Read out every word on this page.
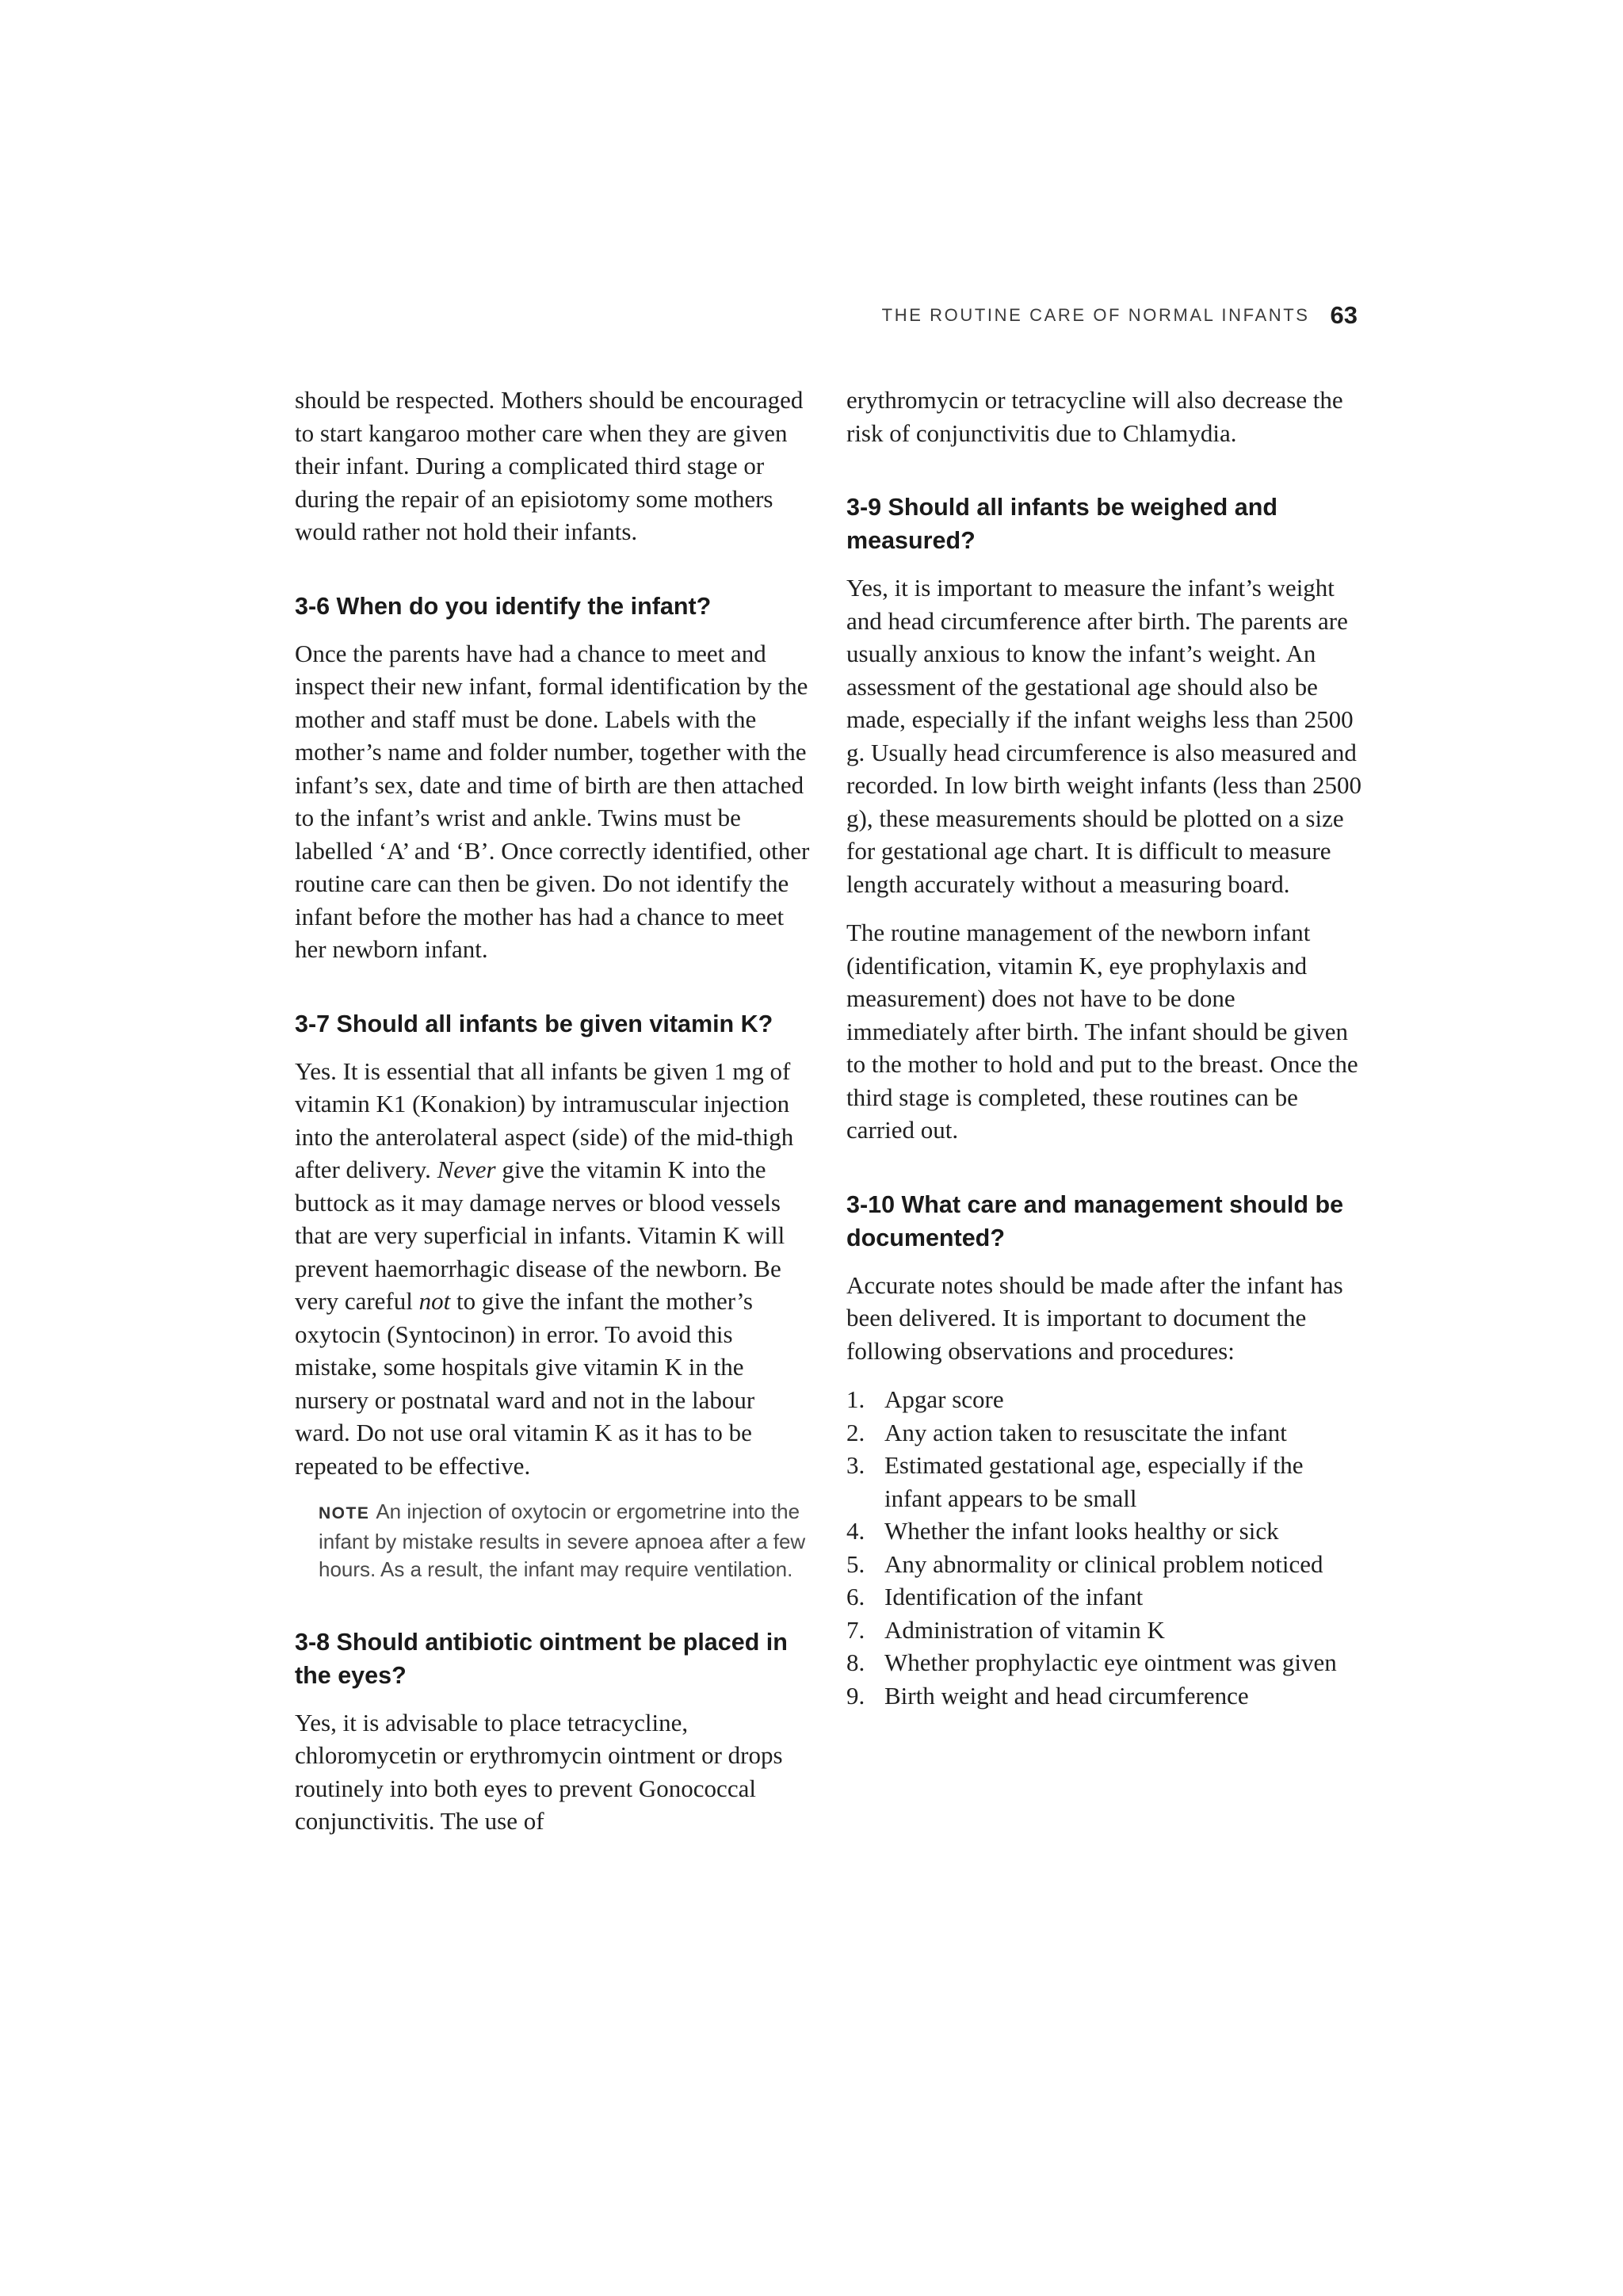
THE ROUTINE CARE OF NORMAL INFANTS 63

should be respected. Mothers should be encouraged to start kangaroo mother care when they are given their infant. During a complicated third stage or during the repair of an episiotomy some mothers would rather not hold their infants.

3-6 When do you identify the infant?

Once the parents have had a chance to meet and inspect their new infant, formal identification by the mother and staff must be done. Labels with the mother’s name and folder number, together with the infant’s sex, date and time of birth are then attached to the infant’s wrist and ankle. Twins must be labelled ‘A’ and ‘B’. Once correctly identified, other routine care can then be given. Do not identify the infant before the mother has had a chance to meet her newborn infant.

3-7 Should all infants be given vitamin K?

Yes. It is essential that all infants be given 1 mg of vitamin K1 (Konakion) by intramuscular injection into the anterolateral aspect (side) of the mid-thigh after delivery. Never give the vitamin K into the buttock as it may damage nerves or blood vessels that are very superficial in infants. Vitamin K will prevent haemorrhagic disease of the newborn. Be very careful not to give the infant the mother’s oxytocin (Syntocinon) in error. To avoid this mistake, some hospitals give vitamin K in the nursery or postnatal ward and not in the labour ward. Do not use oral vitamin K as it has to be repeated to be effective.

NOTE An injection of oxytocin or ergometrine into the infant by mistake results in severe apnoea after a few hours. As a result, the infant may require ventilation.
3-8 Should antibiotic ointment be placed in the eyes?

Yes, it is advisable to place tetracycline, chloromycetin or erythromycin ointment or drops routinely into both eyes to prevent Gonococcal conjunctivitis. The use of

erythromycin or tetracycline will also decrease the risk of conjunctivitis due to Chlamydia.

3-9 Should all infants be weighed and measured?

Yes, it is important to measure the infant’s weight and head circumference after birth. The parents are usually anxious to know the infant’s weight. An assessment of the gestational age should also be made, especially if the infant weighs less than 2500 g. Usually head circumference is also measured and recorded. In low birth weight infants (less than 2500 g), these measurements should be plotted on a size for gestational age chart. It is difficult to measure length accurately without a measuring board.

The routine management of the newborn infant (identification, vitamin K, eye prophylaxis and measurement) does not have to be done immediately after birth. The infant should be given to the mother to hold and put to the breast. Once the third stage is completed, these routines can be carried out.

3-10 What care and management should be documented?

Accurate notes should be made after the infant has been delivered. It is important to document the following observations and procedures:

1. Apgar score
2. Any action taken to resuscitate the infant
3. Estimated gestational age, especially if the infant appears to be small
4. Whether the infant looks healthy or sick
5. Any abnormality or clinical problem noticed
6. Identification of the infant
7. Administration of vitamin K
8. Whether prophylactic eye ointment was given
9. Birth weight and head circumference
